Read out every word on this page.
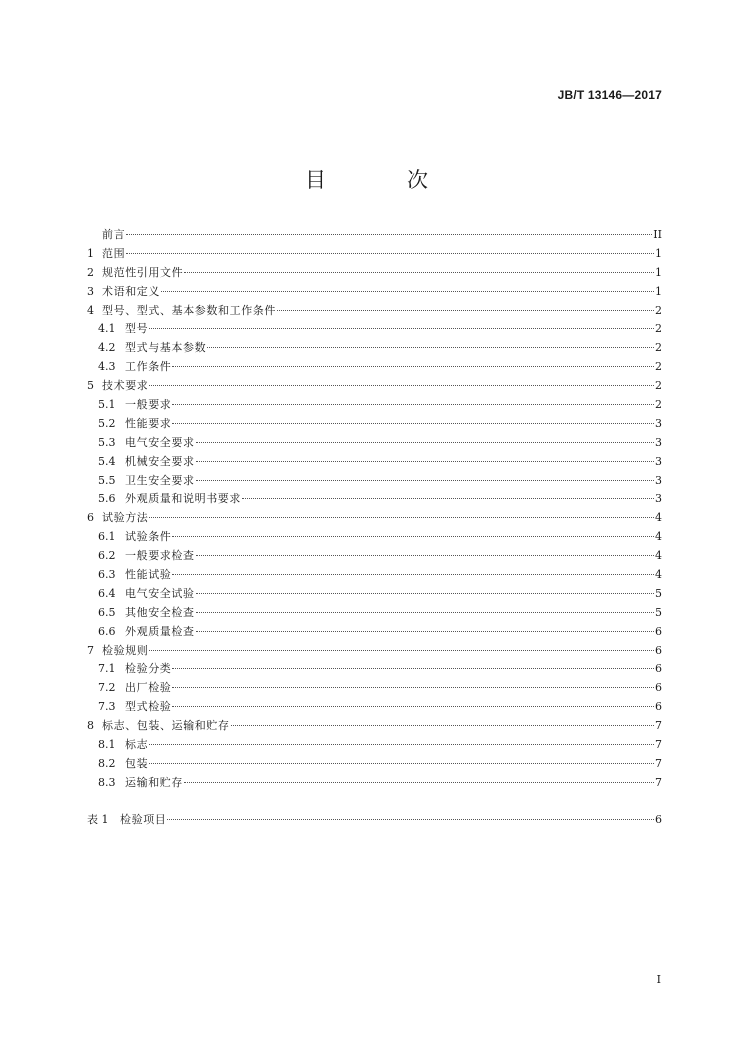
JB/T 13146—2017
目　次
前言	II
1 范围	1
2 规范性引用文件	1
3 术语和定义	1
4 型号、型式、基本参数和工作条件	2
4.1 型号	2
4.2 型式与基本参数	2
4.3 工作条件	2
5 技术要求	2
5.1 一般要求	2
5.2 性能要求	3
5.3 电气安全要求	3
5.4 机械安全要求	3
5.5 卫生安全要求	3
5.6 外观质量和说明书要求	3
6 试验方法	4
6.1 试验条件	4
6.2 一般要求检查	4
6.3 性能试验	4
6.4 电气安全试验	5
6.5 其他安全检查	5
6.6 外观质量检查	6
7 检验规则	6
7.1 检验分类	6
7.2 出厂检验	6
7.3 型式检验	6
8 标志、包装、运输和贮存	7
8.1 标志	7
8.2 包装	7
8.3 运输和贮存	7
表 1	检验项目	6
I
